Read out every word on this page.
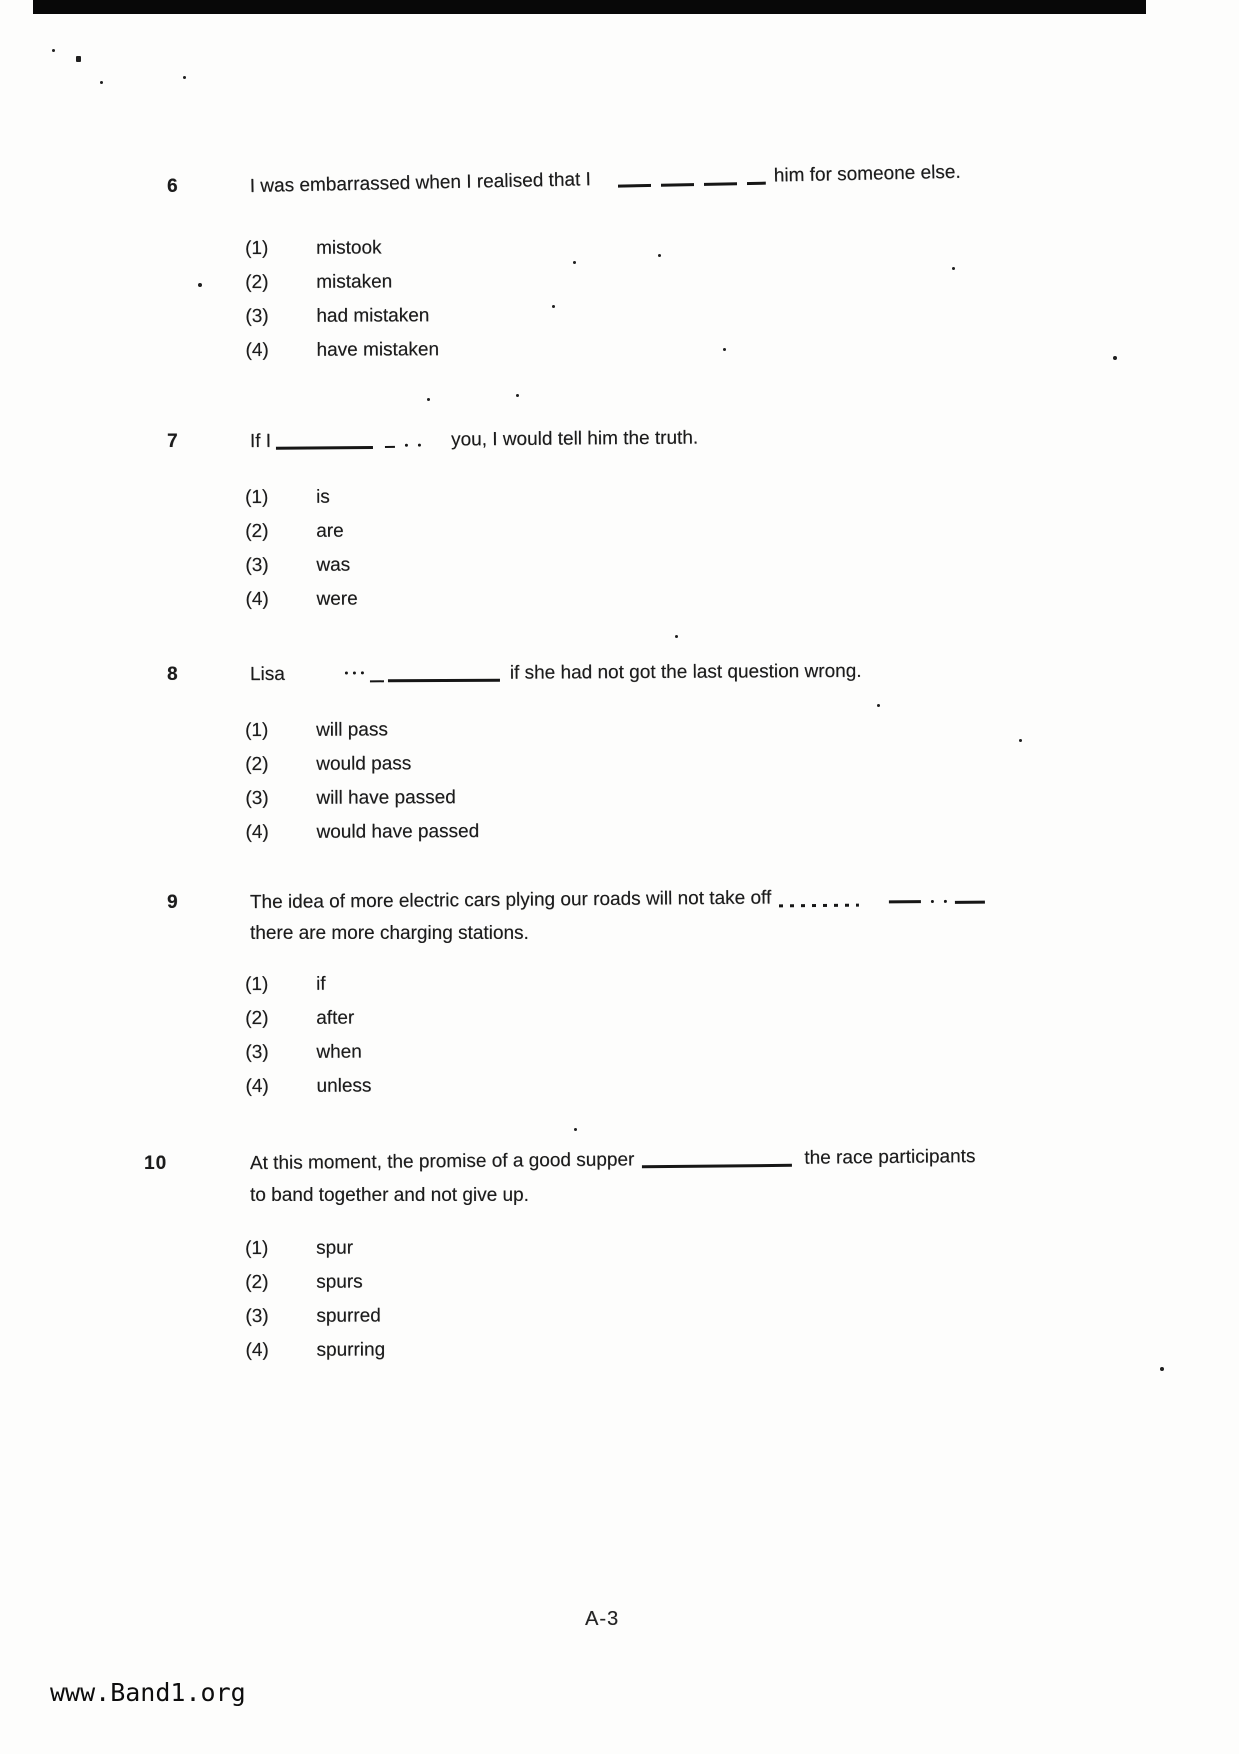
6	I was embarrassed when I realised that I	him for someone else.
(1)	mistook
(2)	mistaken
(3)	had mistaken
(4)	have mistaken
7	If I	you, I would tell him the truth.
(1)	is
(2)	are
(3)	was
(4)	were
8	Lisa	if she had not got the last question wrong.
(1)	will pass
(2)	would pass
(3)	will have passed
(4)	would have passed
9	The idea of more electric cars plying our roads will not take off
there are more charging stations.
(1)	if
(2)	after
(3)	when
(4)	unless
10	At this moment, the promise of a good supper	the race participants
to band together and not give up.
(1)	spur
(2)	spurs
(3)	spurred
(4)	spurring
A-3
www.Band1.org
